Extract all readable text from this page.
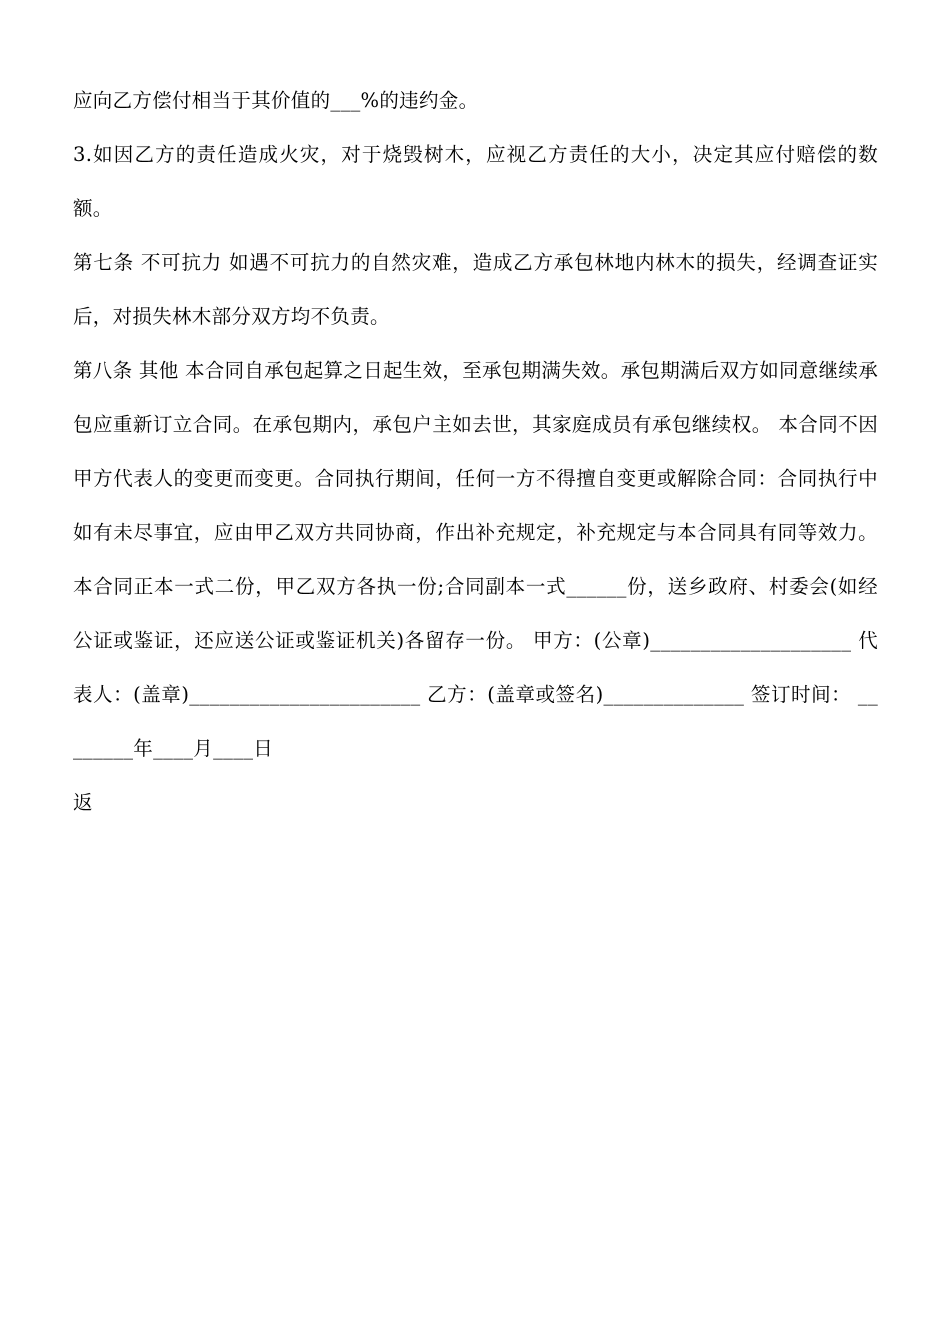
应向乙方偿付相当于其价值的___%的违约金。

3.如因乙方的责任造成火灾，对于烧毁树木，应视乙方责任的大小，决定其应付赔偿的数额。

第七条 不可抗力 如遇不可抗力的自然灾难，造成乙方承包林地内林木的损失，经调查证实后，对损失林木部分双方均不负责。

第八条 其他 本合同自承包起算之日起生效，至承包期满失效。承包期满后双方如同意继续承包应重新订立合同。在承包期内，承包户主如去世，其家庭成员有承包继续权。 本合同不因甲方代表人的变更而变更。合同执行期间，任何一方不得擅自变更或解除合同：合同执行中如有未尽事宜，应由甲乙双方共同协商，作出补充规定，补充规定与本合同具有同等效力。 本合同正本一式二份，甲乙双方各执一份;合同副本一式______份，送乡政府、村委会(如经公证或鉴证，还应送公证或鉴证机关)各留存一份。 甲方：(公章)____________________ 代表人：(盖章)_______________________ 乙方：(盖章或签名)______________ 签订时间： ________年____月____日

返
